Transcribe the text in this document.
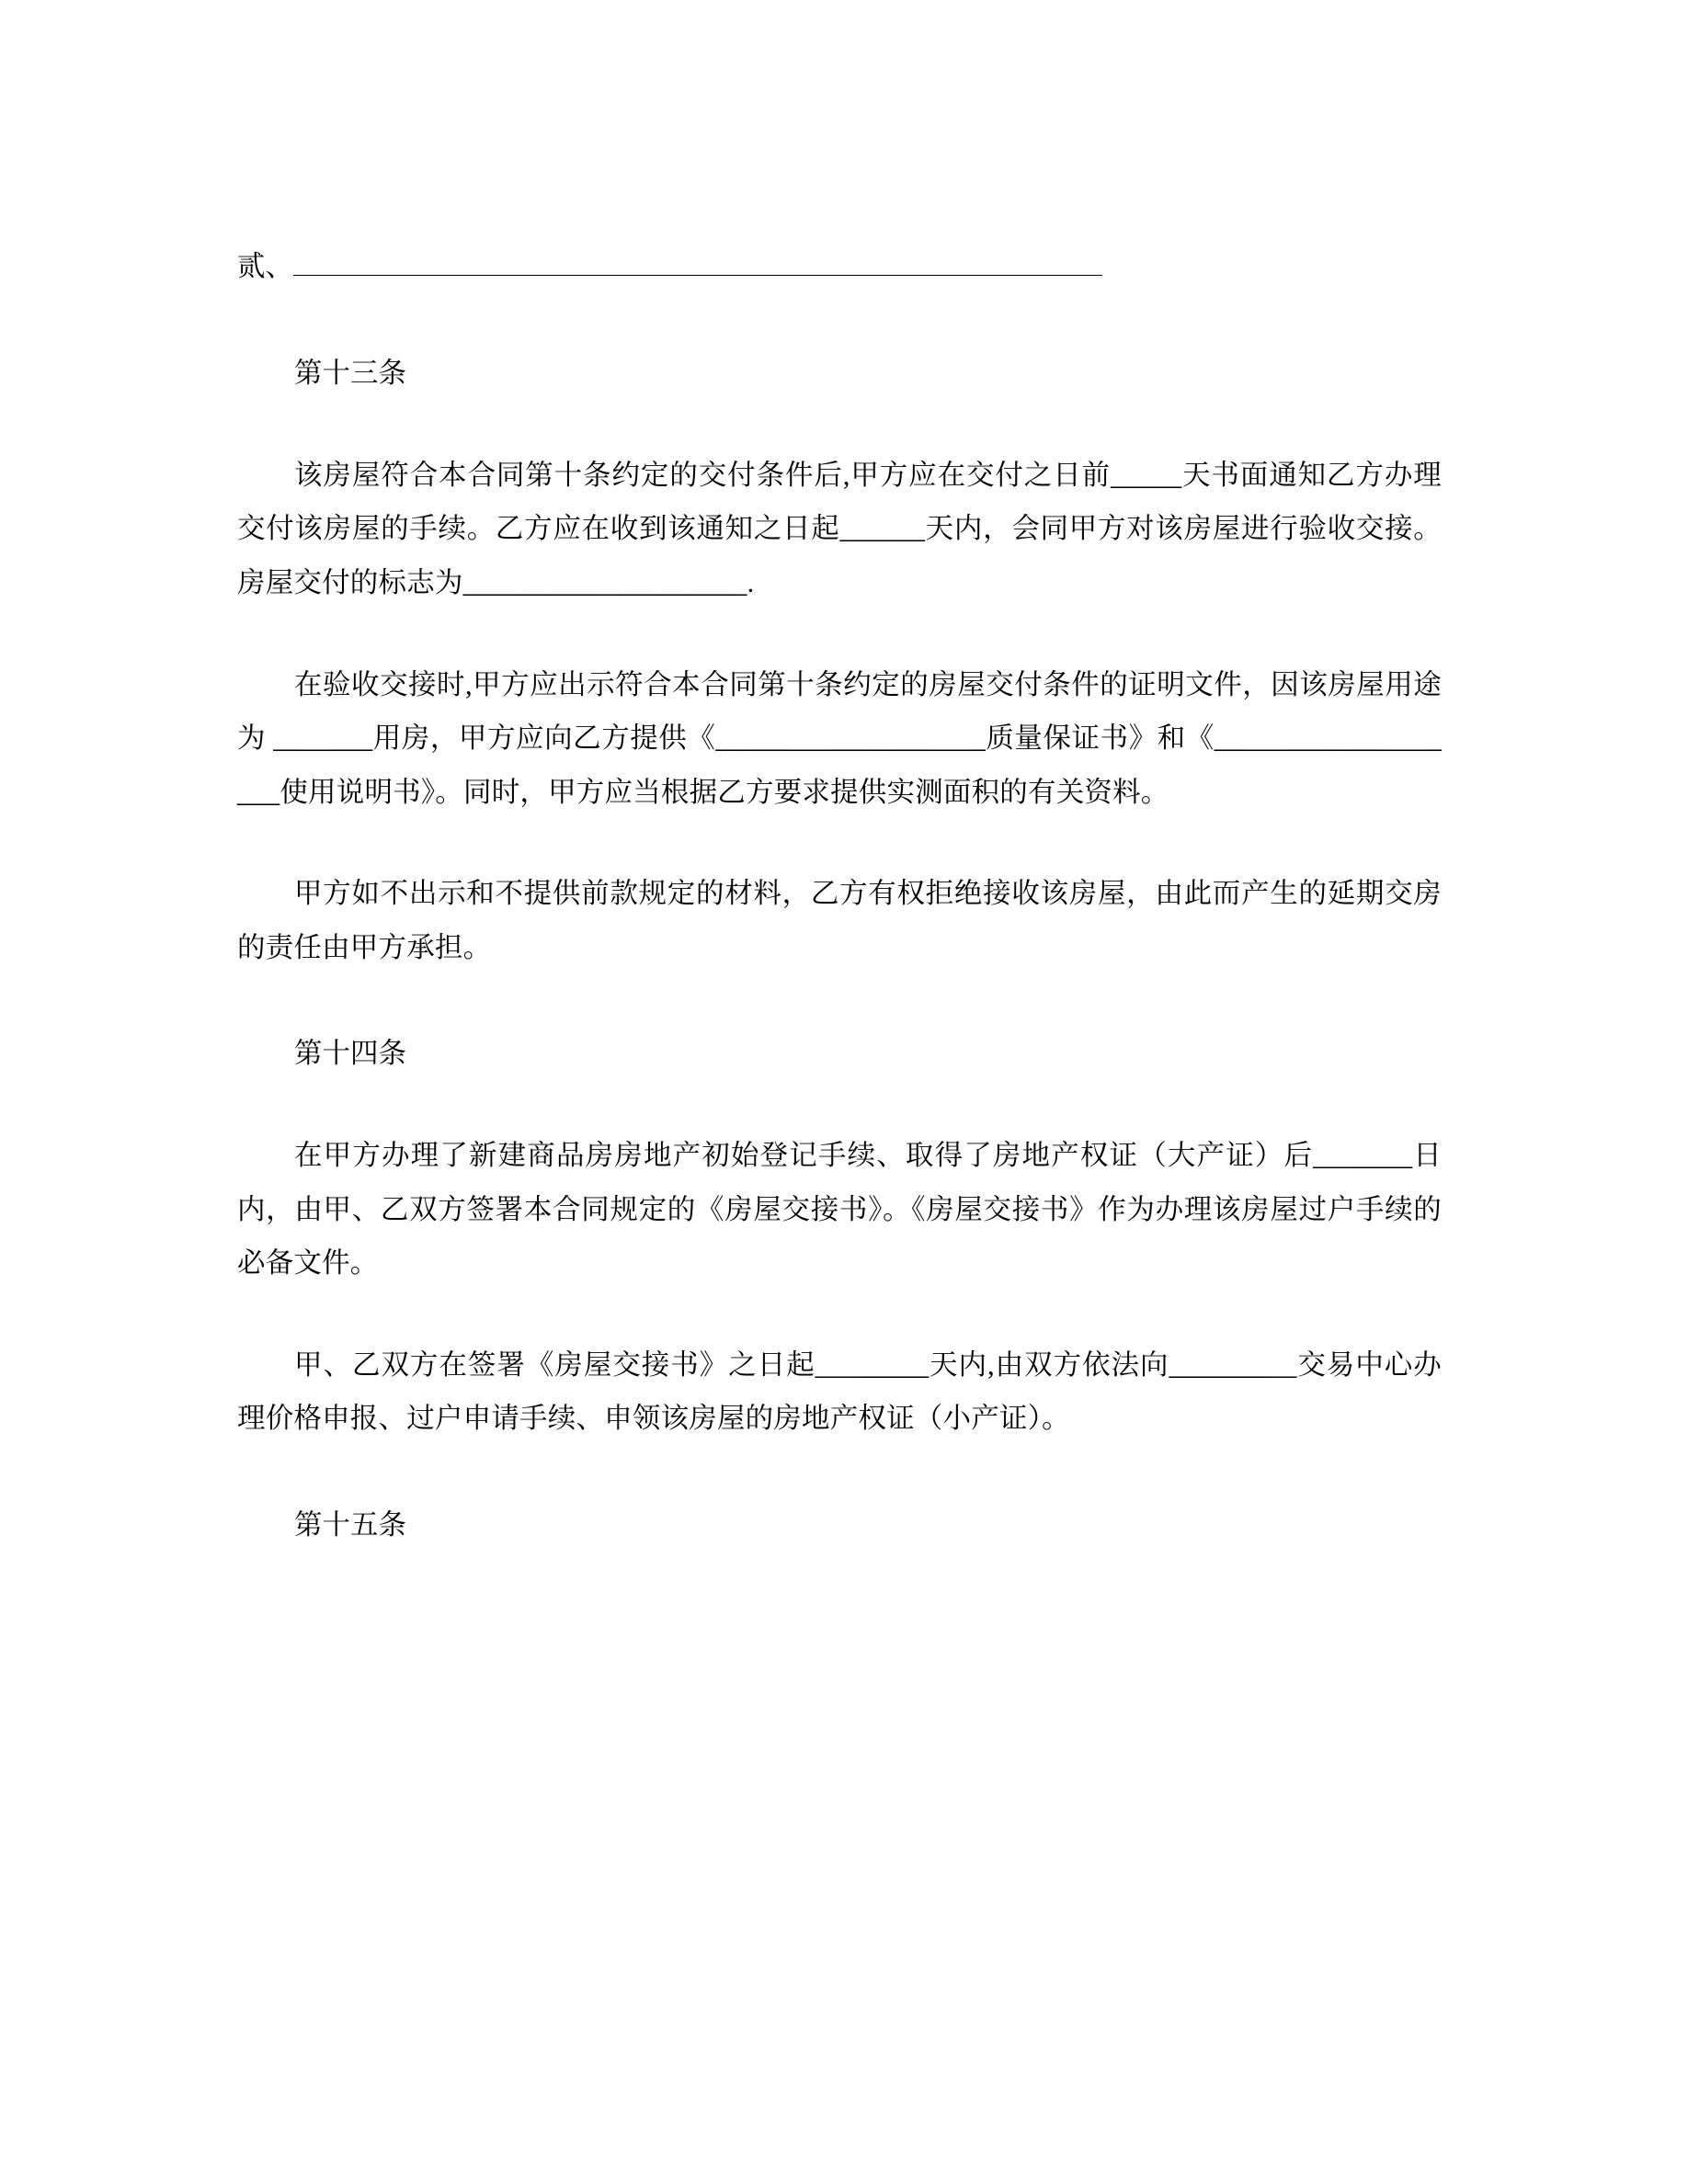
贰、

第十三条

该房屋符合本合同第十条约定的交付条件后,甲方应在交付之日前_____天书面通知乙方办理交付该房屋的手续。乙方应在收到该通知之日起______天内，会同甲方对该房屋进行验收交接。房屋交付的标志为____________________.

在验收交接时,甲方应出示符合本合同第十条约定的房屋交付条件的证明文件，因该房屋用途为 _______用房，甲方应向乙方提供《___________________质量保证书》和《___________________使用说明书》。同时，甲方应当根据乙方要求提供实测面积的有关资料。

甲方如不出示和不提供前款规定的材料，乙方有权拒绝接收该房屋，由此而产生的延期交房的责任由甲方承担。

第十四条

在甲方办理了新建商品房房地产初始登记手续、取得了房地产权证（大产证）后_______日内，由甲、乙双方签署本合同规定的《房屋交接书》。《房屋交接书》作为办理该房屋过户手续的必备文件。

甲、乙双方在签署《房屋交接书》之日起________天内,由双方依法向_________交易中心办理价格申报、过户申请手续、申领该房屋的房地产权证（小产证）。

第十五条
